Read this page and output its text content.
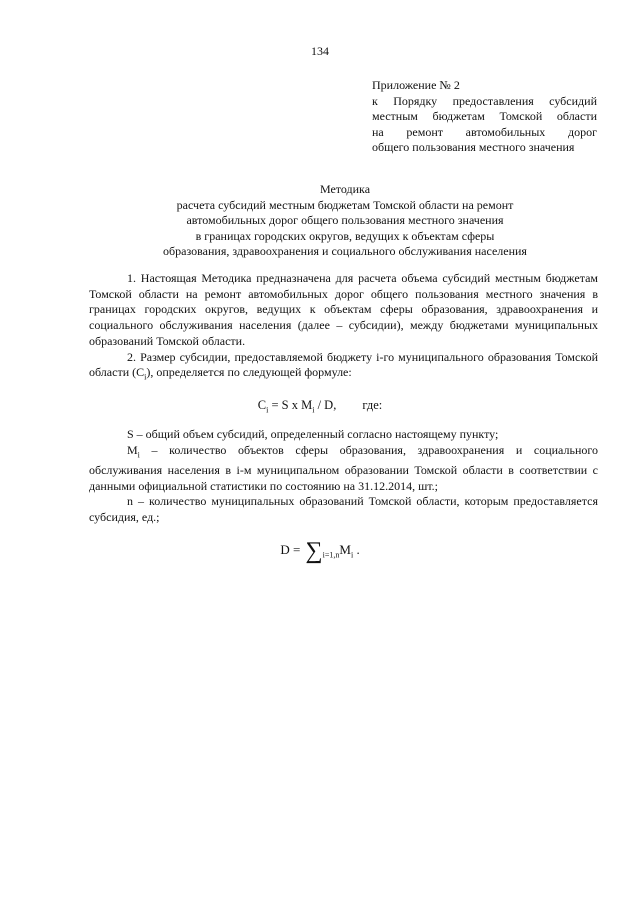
134
Приложение № 2
к Порядку предоставления субсидий
местным бюджетам Томской области
на ремонт автомобильных дорог
общего пользования местного значения
Методика
расчета субсидий местным бюджетам Томской области на ремонт
автомобильных дорог общего пользования местного значения
в границах городских округов, ведущих к объектам сферы
образования, здравоохранения и социального обслуживания населения

1. Настоящая Методика предназначена для расчета объема субсидий местным бюджетам Томской области на ремонт автомобильных дорог общего пользования местного значения в границах городских округов, ведущих к объектам сферы образования, здравоохранения и социального обслуживания населения (далее – субсидии), между бюджетами муниципальных образований Томской области.

2. Размер субсидии, предоставляемой бюджету i-го муниципального образования Томской области $(C_i)$, определяется по следующей формуле:

$C_i = S$ x $M_i$ / D, где:

S – общий объем субсидий, определенный согласно настоящему пункту;

$M_i$ – количество объектов сферы образования, здравоохранения и социального обслуживания населения в i-м муниципальном образовании Томской области в соответствии с данными официальной статистики по состоянию на 31.12.2014, шт.;

n – количество муниципальных образований Томской области, которым предоставляется субсидия, ед.;

$D = \sum_{i=1,n}M_i$ .
